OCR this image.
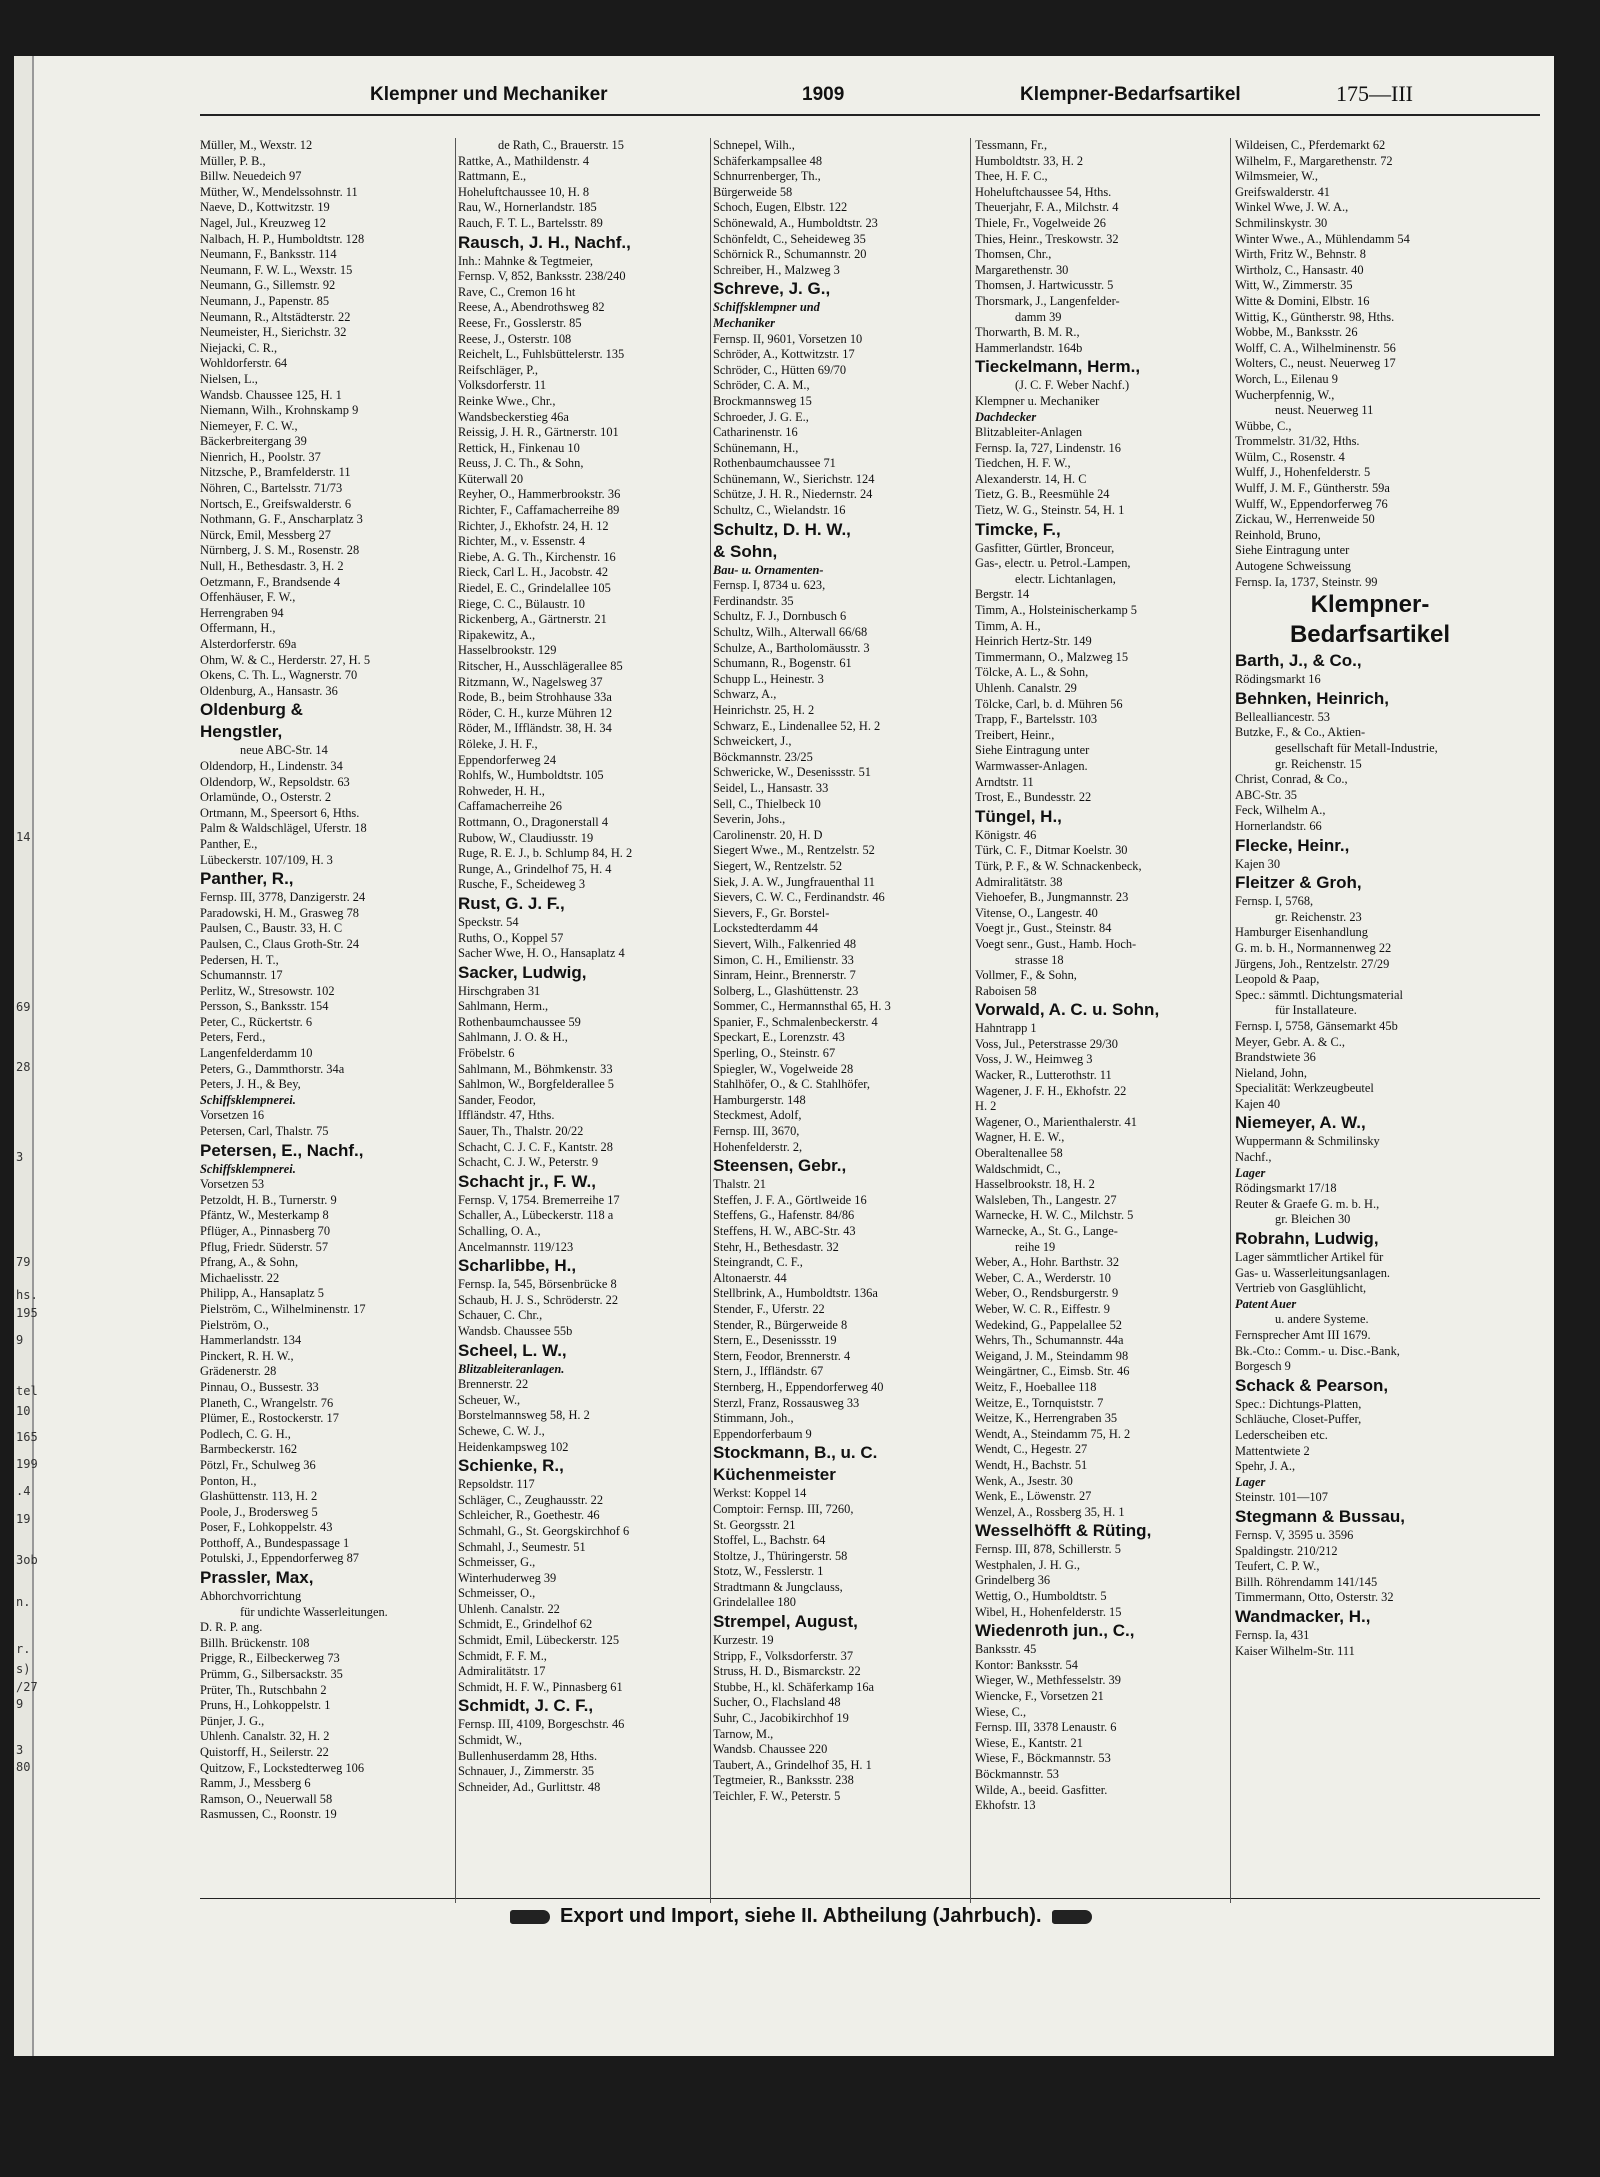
14
69
28
3
79
hs.
195
9
tel
10
165
199
.4
19
3ob
n.
r.
s)
/27
9
3
80
Klempner und Mechaniker	1909	Klempner-Bedarfsartikel	175—III
Müller, M., Wexstr. 12
Müller, P. B.,
Billw. Neuedeich 97
Müther, W., Mendelssohnstr. 11
Naeve, D., Kottwitzstr. 19
Nagel, Jul., Kreuzweg 12
Nalbach, H. P., Humboldtstr. 128
Neumann, F., Banksstr. 114
Neumann, F. W. L., Wexstr. 15
Neumann, G., Sillemstr. 92
Neumann, J., Papenstr. 85
Neumann, R., Altstädterstr. 22
Neumeister, H., Sierichstr. 32
Niejacki, C. R.,
Wohldorferstr. 64
Nielsen, L.,
Wandsb. Chaussee 125, H. 1
Niemann, Wilh., Krohnskamp 9
Niemeyer, F. C. W.,
Bäckerbreitergang 39
Nienrich, H., Poolstr. 37
Nitzsche, P., Bramfelderstr. 11
Nöhren, C., Bartelsstr. 71/73
Nortsch, E., Greifswalderstr. 6
Nothmann, G. F., Anscharplatz 3
Nürck, Emil, Messberg 27
Nürnberg, J. S. M., Rosenstr. 28
Null, H., Bethesdastr. 3, H. 2
Oetzmann, F., Brandsende 4
Offenhäuser, F. W.,
Herrengraben 94
Offermann, H.,
Alsterdorferstr. 69a
Ohm, W. & C., Herderstr. 27, H. 5
Okens, C. Th. L., Wagnerstr. 70
Oldenburg, A., Hansastr. 36
Oldenburg &
Hengstler,
neue ABC-Str. 14
Oldendorp, H., Lindenstr. 34
Oldendorp, W., Repsoldstr. 63
Orlamünde, O., Osterstr. 2
Ortmann, M., Speersort 6, Hths.
Palm & Waldschlägel, Uferstr. 18
Panther, E.,
Lübeckerstr. 107/109, H. 3
Panther, R.,
Fernsp. III, 3778, Danzigerstr. 24
Paradowski, H. M., Grasweg 78
Paulsen, C., Baustr. 33, H. C
Paulsen, C., Claus Groth-Str. 24
Pedersen, H. T.,
Schumannstr. 17
Perlitz, W., Stresowstr. 102
Persson, S., Banksstr. 154
Peter, C., Rückertstr. 6
Peters, Ferd.,
Langenfelderdamm 10
Peters, G., Dammthorstr. 34a
Peters, J. H., & Bey,
Schiffsklempnerei.
Vorsetzen 16
Petersen, Carl, Thalstr. 75
Petersen, E., Nachf.,
Schiffsklempnerei.
Vorsetzen 53
Petzoldt, H. B., Turnerstr. 9
Pfäntz, W., Mesterkamp 8
Pflüger, A., Pinnasberg 70
Pflug, Friedr. Süderstr. 57
Pfrang, A., & Sohn,
Michaelisstr. 22
Philipp, A., Hansaplatz 5
Pielström, C., Wilhelminenstr. 17
Pielström, O.,
Hammerlandstr. 134
Pinckert, R. H. W.,
Grädenerstr. 28
Pinnau, O., Bussestr. 33
Planeth, C., Wrangelstr. 76
Plümer, E., Rostockerstr. 17
Podlech, C. G. H.,
Barmbeckerstr. 162
Pötzl, Fr., Schulweg 36
Ponton, H.,
Glashüttenstr. 113, H. 2
Poole, J., Brodersweg 5
Poser, F., Lohkoppelstr. 43
Potthoff, A., Bundespassage 1
Potulski, J., Eppendorferweg 87
Prassler, Max,
Abhorchvorrichtung
für undichte Wasserleitungen.
D. R. P. ang.
Billh. Brückenstr. 108
Prigge, R., Eilbeckerweg 73
Prümm, G., Silbersackstr. 35
Prüter, Th., Rutschbahn 2
Pruns, H., Lohkoppelstr. 1
Pünjer, J. G.,
Uhlenh. Canalstr. 32, H. 2
Quistorff, H., Seilerstr. 22
Quitzow, F., Lockstedterweg 106
Ramm, J., Messberg 6
Ramson, O., Neuerwall 58
Rasmussen, C., Roonstr. 19
de Rath, C., Brauerstr. 15
Rattke, A., Mathildenstr. 4
Rattmann, E.,
Hoheluftchaussee 10, H. 8
Rau, W., Hornerlandstr. 185
Rauch, F. T. L., Bartelsstr. 89
Rausch, J. H., Nachf.,
Inh.: Mahnke & Tegtmeier,
Fernsp. V, 852, Banksstr. 238/240
Rave, C., Cremon 16 ht
Reese, A., Abendrothsweg 82
Reese, Fr., Gosslerstr. 85
Reese, J., Osterstr. 108
Reichelt, L., Fuhlsbüttelerstr. 135
Reifschläger, P.,
Volksdorferstr. 11
Reinke Wwe., Chr.,
Wandsbeckerstieg 46a
Reissig, J. H. R., Gärtnerstr. 101
Rettick, H., Finkenau 10
Reuss, J. C. Th., & Sohn,
Küterwall 20
Reyher, O., Hammerbrookstr. 36
Richter, F., Caffamacherreihe 89
Richter, J., Ekhofstr. 24, H. 12
Richter, M., v. Essenstr. 4
Riebe, A. G. Th., Kirchenstr. 16
Rieck, Carl L. H., Jacobstr. 42
Riedel, E. C., Grindelallee 105
Riege, C. C., Bülaustr. 10
Rickenberg, A., Gärtnerstr. 21
Ripakewitz, A.,
Hasselbrookstr. 129
Ritscher, H., Ausschlägerallee 85
Ritzmann, W., Nagelsweg 37
Rode, B., beim Strohhause 33a
Röder, C. H., kurze Mühren 12
Röder, M., Iffländstr. 38, H. 34
Röleke, J. H. F.,
Eppendorferweg 24
Rohlfs, W., Humboldtstr. 105
Rohweder, H. H.,
Caffamacherreihe 26
Rottmann, O., Dragonerstall 4
Rubow, W., Claudiusstr. 19
Ruge, R. E. J., b. Schlump 84, H. 2
Runge, A., Grindelhof 75, H. 4
Rusche, F., Scheideweg 3
Rust, G. J. F.,
Speckstr. 54
Ruths, O., Koppel 57
Sacher Wwe, H. O., Hansaplatz 4
Sacker, Ludwig,
Hirschgraben 31
Sahlmann, Herm.,
Rothenbaumchaussee 59
Sahlmann, J. O. & H.,
Fröbelstr. 6
Sahlmann, M., Böhmkenstr. 33
Sahlmon, W., Borgfelderallee 5
Sander, Feodor,
Iffländstr. 47, Hths.
Sauer, Th., Thalstr. 20/22
Schacht, C. J. C. F., Kantstr. 28
Schacht, C. J. W., Peterstr. 9
Schacht jr., F. W.,
Fernsp. V, 1754. Bremerreihe 17
Schaller, A., Lübeckerstr. 118 a
Schalling, O. A.,
Ancelmannstr. 119/123
Scharlibbe, H.,
Fernsp. Ia, 545, Börsenbrücke 8
Schaub, H. J. S., Schröderstr. 22
Schauer, C. Chr.,
Wandsb. Chaussee 55b
Scheel, L. W.,
Blitzableiteranlagen.
Brennerstr. 22
Scheuer, W.,
Borstelmannsweg 58, H. 2
Schewe, C. W. J.,
Heidenkampsweg 102
Schienke, R.,
Repsoldstr. 117
Schläger, C., Zeughausstr. 22
Schleicher, R., Goethestr. 46
Schmahl, G., St. Georgskirchhof 6
Schmahl, J., Seumestr. 51
Schmeisser, G.,
Winterhuderweg 39
Schmeisser, O.,
Uhlenh. Canalstr. 22
Schmidt, E., Grindelhof 62
Schmidt, Emil, Lübeckerstr. 125
Schmidt, F. F. M.,
Admiralitätstr. 17
Schmidt, H. F. W., Pinnasberg 61
Schmidt, J. C. F.,
Fernsp. III, 4109, Borgeschstr. 46
Schmidt, W.,
Bullenhuserdamm 28, Hths.
Schnauer, J., Zimmerstr. 35
Schneider, Ad., Gurlittstr. 48
Schnepel, Wilh.,
Schäferkampsallee 48
Schnurrenberger, Th.,
Bürgerweide 58
Schoch, Eugen, Elbstr. 122
Schönewald, A., Humboldtstr. 23
Schönfeldt, C., Seheideweg 35
Schörnick R., Schumannstr. 20
Schreiber, H., Malzweg 3
Schreve, J. G.,
Schiffsklempner und
Mechaniker
Fernsp. II, 9601, Vorsetzen 10
Schröder, A., Kottwitzstr. 17
Schröder, C., Hütten 69/70
Schröder, C. A. M.,
Brockmannsweg 15
Schroeder, J. G. E.,
Catharinenstr. 16
Schünemann, H.,
Rothenbaumchaussee 71
Schünemann, W., Sierichstr. 124
Schütze, J. H. R., Niedernstr. 24
Schultz, C., Wielandstr. 16
Schultz, D. H. W.,
& Sohn,
Bau- u. Ornamenten-
Fernsp. I, 8734 u. 623,
Ferdinandstr. 35
Schultz, F. J., Dornbusch 6
Schultz, Wilh., Alterwall 66/68
Schulze, A., Bartholomäusstr. 3
Schumann, R., Bogenstr. 61
Schupp L., Heinestr. 3
Schwarz, A.,
Heinrichstr. 25, H. 2
Schwarz, E., Lindenallee 52, H. 2
Schweickert, J.,
Böckmannstr. 23/25
Schwericke, W., Desenissstr. 51
Seidel, L., Hansastr. 33
Sell, C., Thielbeck 10
Severin, Johs.,
Carolinenstr. 20, H. D
Siegert Wwe., M., Rentzelstr. 52
Siegert, W., Rentzelstr. 52
Siek, J. A. W., Jungfrauenthal 11
Sievers, C. W. C., Ferdinandstr. 46
Sievers, F., Gr. Borstel-
Lockstedterdamm 44
Sievert, Wilh., Falkenried 48
Simon, C. H., Emilienstr. 33
Sinram, Heinr., Brennerstr. 7
Solberg, L., Glashüttenstr. 23
Sommer, C., Hermannsthal 65, H. 3
Spanier, F., Schmalenbeckerstr. 4
Speckart, E., Lorenzstr. 43
Sperling, O., Steinstr. 67
Spiegler, W., Vogelweide 28
Stahlhöfer, O., & C. Stahlhöfer,
Hamburgerstr. 148
Steckmest, Adolf,
Fernsp. III, 3670,
Hohenfelderstr. 2,
Steensen, Gebr.,
Thalstr. 21
Steffen, J. F. A., Görtlweide 16
Steffens, G., Hafenstr. 84/86
Steffens, H. W., ABC-Str. 43
Stehr, H., Bethesdastr. 32
Steingrandt, C. F.,
Altonaerstr. 44
Stellbrink, A., Humboldtstr. 136a
Stender, F., Uferstr. 22
Stender, R., Bürgerweide 8
Stern, E., Desenissstr. 19
Stern, Feodor, Brennerstr. 4
Stern, J., Iffländstr. 67
Sternberg, H., Eppendorferweg 40
Sterzl, Franz, Rossausweg 33
Stimmann, Joh.,
Eppendorferbaum 9
Stockmann, B., u. C.
Küchenmeister
Werkst: Koppel 14
Comptoir: Fernsp. III, 7260,
St. Georgsstr. 21
Stoffel, L., Bachstr. 64
Stoltze, J., Thüringerstr. 58
Stotz, W., Fesslerstr. 1
Stradtmann & Jungclauss,
Grindelallee 180
Strempel, August,
Kurzestr. 19
Stripp, F., Volksdorferstr. 37
Struss, H. D., Bismarckstr. 22
Stubbe, H., kl. Schäferkamp 16a
Sucher, O., Flachsland 48
Suhr, C., Jacobikirchhof 19
Tarnow, M.,
Wandsb. Chaussee 220
Taubert, A., Grindelhof 35, H. 1
Tegtmeier, R., Banksstr. 238
Teichler, F. W., Peterstr. 5
Tessmann, Fr.,
Humboldtstr. 33, H. 2
Thee, H. F. C.,
Hoheluftchaussee 54, Hths.
Theuerjahr, F. A., Milchstr. 4
Thiele, Fr., Vogelweide 26
Thies, Heinr., Treskowstr. 32
Thomsen, Chr.,
Margarethenstr. 30
Thomsen, J. Hartwicusstr. 5
Thorsmark, J., Langenfelder-
damm 39
Thorwarth, B. M. R.,
Hammerlandstr. 164b
Tieckelmann, Herm.,
(J. C. F. Weber Nachf.)
Klempner u. Mechaniker
Dachdecker
Blitzableiter-Anlagen
Fernsp. Ia, 727, Lindenstr. 16
Tiedchen, H. F. W.,
Alexanderstr. 14, H. C
Tietz, G. B., Reesmühle 24
Tietz, W. G., Steinstr. 54, H. 1
Timcke, F.,
Gasfitter, Gürtler, Bronceur,
Gas-, electr. u. Petrol.-Lampen,
electr. Lichtanlagen,
Bergstr. 14
Timm, A., Holsteinischerkamp 5
Timm, A. H.,
Heinrich Hertz-Str. 149
Timmermann, O., Malzweg 15
Tölcke, A. L., & Sohn,
Uhlenh. Canalstr. 29
Tölcke, Carl, b. d. Mühren 56
Trapp, F., Bartelsstr. 103
Treibert, Heinr.,
Siehe Eintragung unter
Warmwasser-Anlagen.
Arndtstr. 11
Trost, E., Bundesstr. 22
Tüngel, H.,
Königstr. 46
Türk, C. F., Ditmar Koelstr. 30
Türk, P. F., & W. Schnackenbeck,
Admiralitätstr. 38
Viehoefer, B., Jungmannstr. 23
Vitense, O., Langestr. 40
Voegt jr., Gust., Steinstr. 84
Voegt senr., Gust., Hamb. Hoch-
strasse 18
Vollmer, F., & Sohn,
Raboisen 58
Vorwald, A. C. u. Sohn,
Hahntrapp 1
Voss, Jul., Peterstrasse 29/30
Voss, J. W., Heimweg 3
Wacker, R., Lutterothstr. 11
Wagener, J. F. H., Ekhofstr. 22
H. 2
Wagener, O., Marienthalerstr. 41
Wagner, H. E. W.,
Oberaltenallee 58
Waldschmidt, C.,
Hasselbrookstr. 18, H. 2
Walsleben, Th., Langestr. 27
Warnecke, H. W. C., Milchstr. 5
Warnecke, A., St. G., Lange-
reihe 19
Weber, A., Hohr. Barthstr. 32
Weber, C. A., Werderstr. 10
Weber, O., Rendsburgerstr. 9
Weber, W. C. R., Eiffestr. 9
Wedekind, G., Pappelallee 52
Wehrs, Th., Schumannstr. 44a
Weigand, J. M., Steindamm 98
Weingärtner, C., Eimsb. Str. 46
Weitz, F., Hoeballee 118
Weitze, E., Tornquiststr. 7
Weitze, K., Herrengraben 35
Wendt, A., Steindamm 75, H. 2
Wendt, C., Hegestr. 27
Wendt, H., Bachstr. 51
Wenk, A., Jsestr. 30
Wenk, E., Löwenstr. 27
Wenzel, A., Rossberg 35, H. 1
Wesselhöfft & Rüting,
Fernsp. III, 878, Schillerstr. 5
Westphalen, J. H. G.,
Grindelberg 36
Wettig, O., Humboldtstr. 5
Wibel, H., Hohenfelderstr. 15
Wiedenroth jun., C.,
Banksstr. 45
Kontor: Banksstr. 54
Wieger, W., Methfesselstr. 39
Wiencke, F., Vorsetzen 21
Wiese, C.,
Fernsp. III, 3378 Lenaustr. 6
Wiese, E., Kantstr. 21
Wiese, F., Böckmannstr. 53
Böckmannstr. 53
Wilde, A., beeid. Gasfitter.
Ekhofstr. 13
Wildeisen, C., Pferdemarkt 62
Wilhelm, F., Margarethenstr. 72
Wilmsmeier, W.,
Greifswalderstr. 41
Winkel Wwe, J. W. A.,
Schmilinskystr. 30
Winter Wwe., A., Mühlendamm 54
Wirth, Fritz W., Behnstr. 8
Wirtholz, C., Hansastr. 40
Witt, W., Zimmerstr. 35
Witte & Domini, Elbstr. 16
Wittig, K., Güntherstr. 98, Hths.
Wobbe, M., Banksstr. 26
Wolff, C. A., Wilhelminenstr. 56
Wolters, C., neust. Neuerweg 17
Worch, L., Eilenau 9
Wucherpfennig, W.,
neust. Neuerweg 11
Wübbe, C.,
Trommelstr. 31/32, Hths.
Wülm, C., Rosenstr. 4
Wulff, J., Hohenfelderstr. 5
Wulff, J. M. F., Güntherstr. 59a
Wulff, W., Eppendorferweg 76
Zickau, W., Herrenweide 50
Reinhold, Bruno,
Siehe Eintragung unter
Autogene Schweissung
Fernsp. Ia, 1737, Steinstr. 99
Klempner-
Bedarfsartikel
Barth, J., & Co.,
Rödingsmarkt 16
Behnken, Heinrich,
Bellealliancestr. 53
Butzke, F., & Co., Aktien-
gesellschaft für Metall-Industrie,
gr. Reichenstr. 15
Christ, Conrad, & Co.,
ABC-Str. 35
Feck, Wilhelm A.,
Hornerlandstr. 66
Flecke, Heinr.,
Kajen 30
Fleitzer & Groh,
Fernsp. I, 5768,
gr. Reichenstr. 23
Hamburger Eisenhandlung
G. m. b. H., Normannenweg 22
Jürgens, Joh., Rentzelstr. 27/29
Leopold & Paap,
Spec.: sämmtl. Dichtungsmaterial
für Installateure.
Fernsp. I, 5758, Gänsemarkt 45b
Meyer, Gebr. A. & C.,
Brandstwiete 36
Nieland, John,
Specialität: Werkzeugbeutel
Kajen 40
Niemeyer, A. W.,
Wuppermann & Schmilinsky
Nachf.,
Lager
Rödingsmarkt 17/18
Reuter & Graefe G. m. b. H.,
gr. Bleichen 30
Robrahn, Ludwig,
Lager sämmtlicher Artikel für
Gas- u. Wasserleitungsanlagen.
Vertrieb von Gasglühlicht,
Patent Auer
u. andere Systeme.
Fernsprecher Amt III 1679.
Bk.-Cto.: Comm.- u. Disc.-Bank,
Borgesch 9
Schack & Pearson,
Spec.: Dichtungs-Platten,
Schläuche, Closet-Puffer,
Lederscheiben etc.
Mattentwiete 2
Spehr, J. A.,
Lager
Steinstr. 101—107
Stegmann & Bussau,
Fernsp. V, 3595 u. 3596
Spaldingstr. 210/212
Teufert, C. P. W.,
Billh. Röhrendamm 141/145
Timmermann, Otto, Osterstr. 32
Wandmacker, H.,
Fernsp. Ia, 431
Kaiser Wilhelm-Str. 111
Export und Import, siehe II. Abtheilung (Jahrbuch).
